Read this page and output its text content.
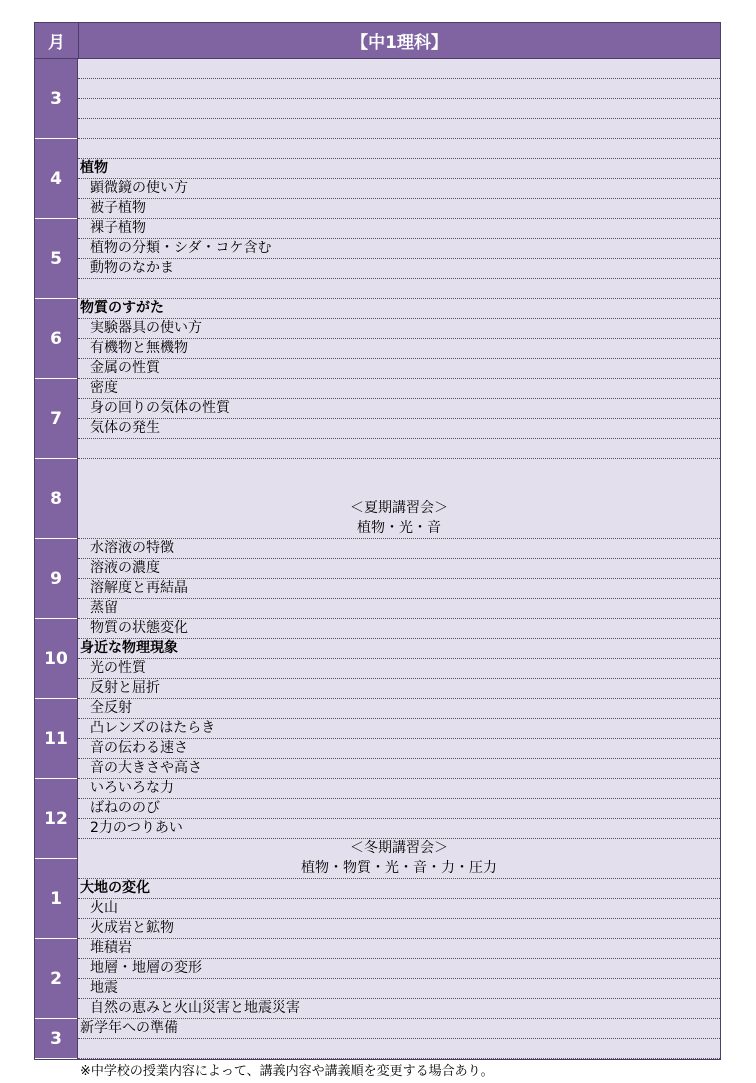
月	【中1理科】
3
4
5
6
7
8
9
10
11
12
1
2
3
植物
顕微鏡の使い方
被子植物
裸子植物
植物の分類・シダ・コケ含む
動物のなかま
物質のすがた
実験器具の使い方
有機物と無機物
金属の性質
密度
身の回りの気体の性質
気体の発生
＜夏期講習会＞
植物・光・音
水溶液の特徴
溶液の濃度
溶解度と再結晶
蒸留
物質の状態変化
身近な物理現象
光の性質
反射と屈折
全反射
凸レンズのはたらき
音の伝わる速さ
音の大きさや高さ
いろいろな力
ばねののび
2力のつりあい
＜冬期講習会＞
植物・物質・光・音・力・圧力
大地の変化
火山
火成岩と鉱物
堆積岩
地層・地層の変形
地震
自然の恵みと火山災害と地震災害
新学年への準備
※中学校の授業内容によって、講義内容や講義順を変更する場合あり。
